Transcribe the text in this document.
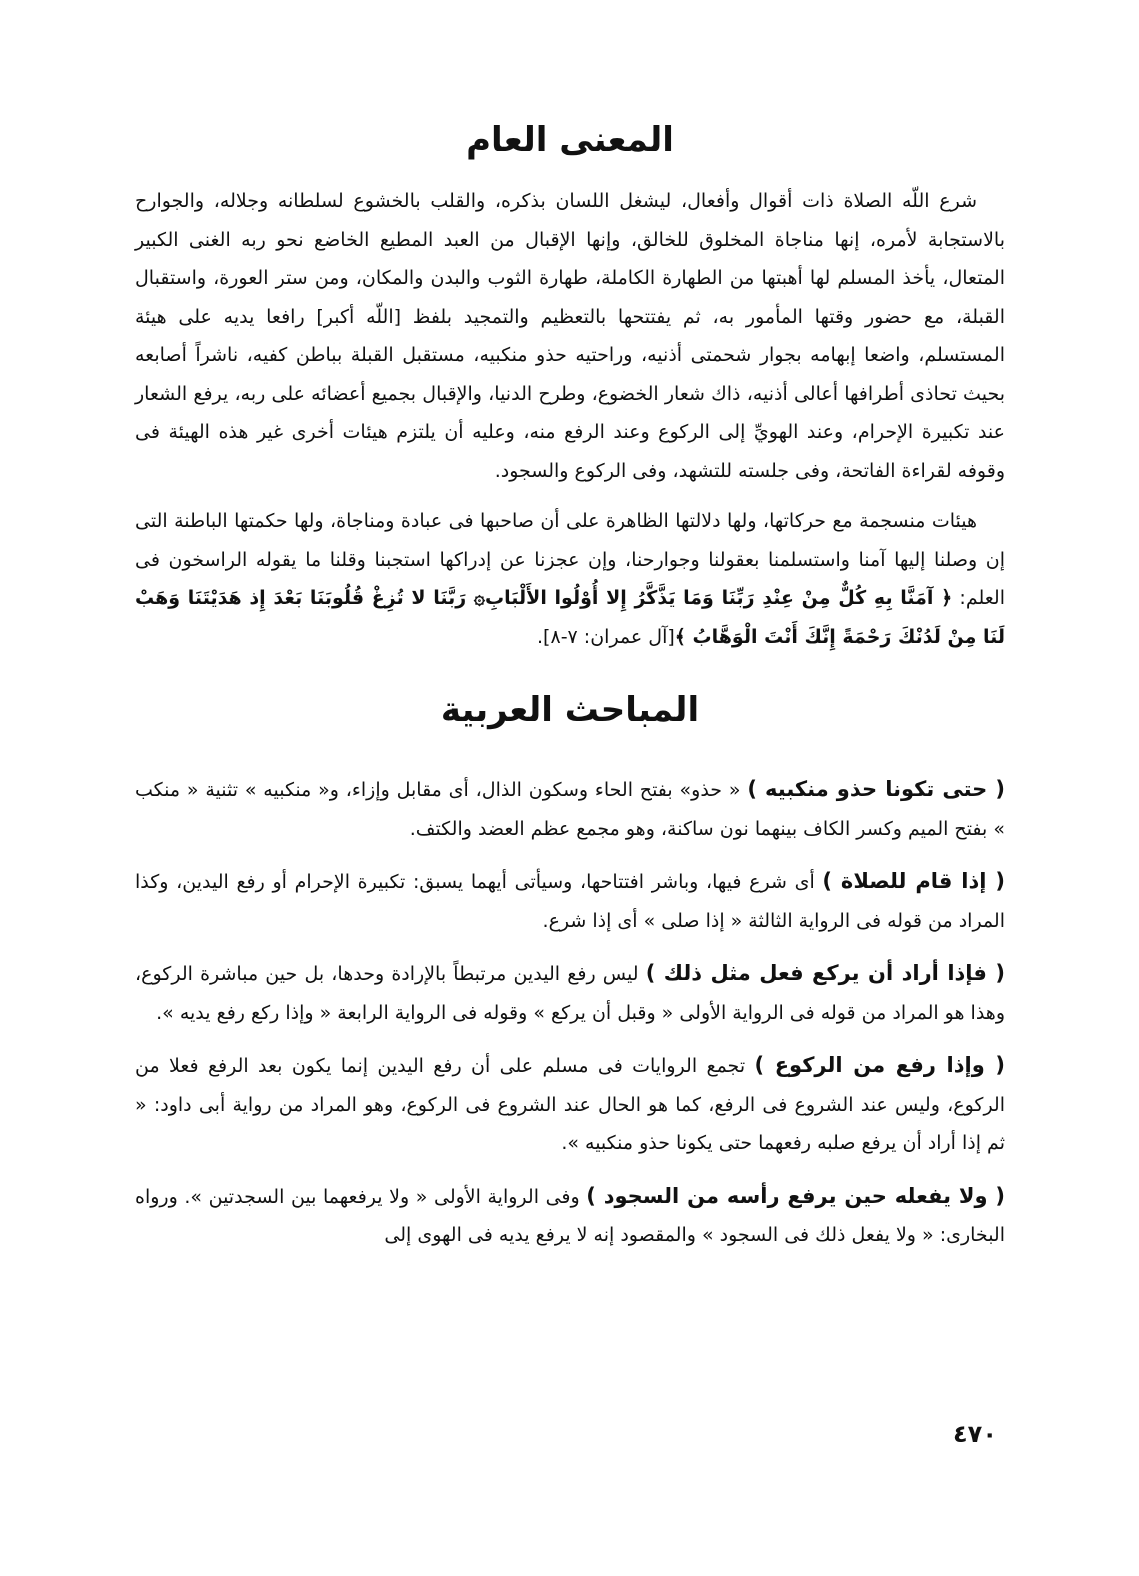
المعنى العام

شرع اللّه الصلاة ذات أقوال وأفعال، ليشغل اللسان بذكره، والقلب بالخشوع لسلطانه وجلاله، والجوارح بالاستجابة لأمره، إنها مناجاة المخلوق للخالق، وإنها الإقبال من العبد المطيع الخاضع نحو ربه الغنى الكبير المتعال، يأخذ المسلم لها أهبتها من الطهارة الكاملة، طهارة الثوب والبدن والمكان، ومن ستر العورة، واستقبال القبلة، مع حضور وقتها المأمور به، ثم يفتتحها بالتعظيم والتمجيد بلفظ [اللّه أكبر] رافعا يديه على هيئة المستسلم، واضعا إبهامه بجوار شحمتى أذنيه، وراحتيه حذو منكبيه، مستقبل القبلة بباطن كفيه، ناشراً أصابعه بحيث تحاذى أطرافها أعالى أذنيه، ذاك شعار الخضوع، وطرح الدنيا، والإقبال بجميع أعضائه على ربه، يرفع الشعار عند تكبيرة الإحرام، وعند الهويِّ إلى الركوع وعند الرفع منه، وعليه أن يلتزم هيئات أخرى غير هذه الهيئة فى وقوفه لقراءة الفاتحة، وفى جلسته للتشهد، وفى الركوع والسجود.

هيئات منسجمة مع حركاتها، ولها دلالتها الظاهرة على أن صاحبها فى عبادة ومناجاة، ولها حكمتها الباطنة التى إن وصلنا إليها آمنا واستسلمنا بعقولنا وجوارحنا، وإن عجزنا عن إدراكها استجبنا وقلنا ما يقوله الراسخون فى العلم: ﴿ آمَنَّا بِهِ كُلٌّ مِنْ عِنْدِ رَبِّنَا وَمَا يَذَّكَّرُ إِلا أُوْلُوا الأَلْبَابِ۞ رَبَّنَا لا تُزِغْ قُلُوبَنَا بَعْدَ إِذ هَدَيْتَنَا وَهَبْ لَنَا مِنْ لَدُنْكَ رَحْمَةً إِنَّكَ أَنْتَ الْوَهَّابُ ﴾[آل عمران: ٧-٨].

المباحث العربية

( حتى تكونا حذو منكبيه ) « حذو» بفتح الحاء وسكون الذال، أى مقابل وإزاء، و« منكبيه » تثنية « منكب » بفتح الميم وكسر الكاف بينهما نون ساكنة، وهو مجمع عظم العضد والكتف.

( إذا قام للصلاة ) أى شرع فيها، وباشر افتتاحها، وسيأتى أيهما يسبق: تكبيرة الإحرام أو رفع اليدين، وكذا المراد من قوله فى الرواية الثالثة « إذا صلى » أى إذا شرع.

( فإذا أراد أن يركع فعل مثل ذلك ) ليس رفع اليدين مرتبطاً بالإرادة وحدها، بل حين مباشرة الركوع، وهذا هو المراد من قوله فى الرواية الأولى « وقبل أن يركع » وقوله فى الرواية الرابعة « وإذا ركع رفع يديه ».

( وإذا رفع من الركوع ) تجمع الروايات فى مسلم على أن رفع اليدين إنما يكون بعد الرفع فعلا من الركوع، وليس عند الشروع فى الرفع، كما هو الحال عند الشروع فى الركوع، وهو المراد من رواية أبى داود: « ثم إذا أراد أن يرفع صلبه رفعهما حتى يكونا حذو منكبيه ».

( ولا يفعله حين يرفع رأسه من السجود ) وفى الرواية الأولى « ولا يرفعهما بين السجدتين ». ورواه البخارى: « ولا يفعل ذلك فى السجود » والمقصود إنه لا يرفع يديه فى الهوى إلى

٤٧٠
